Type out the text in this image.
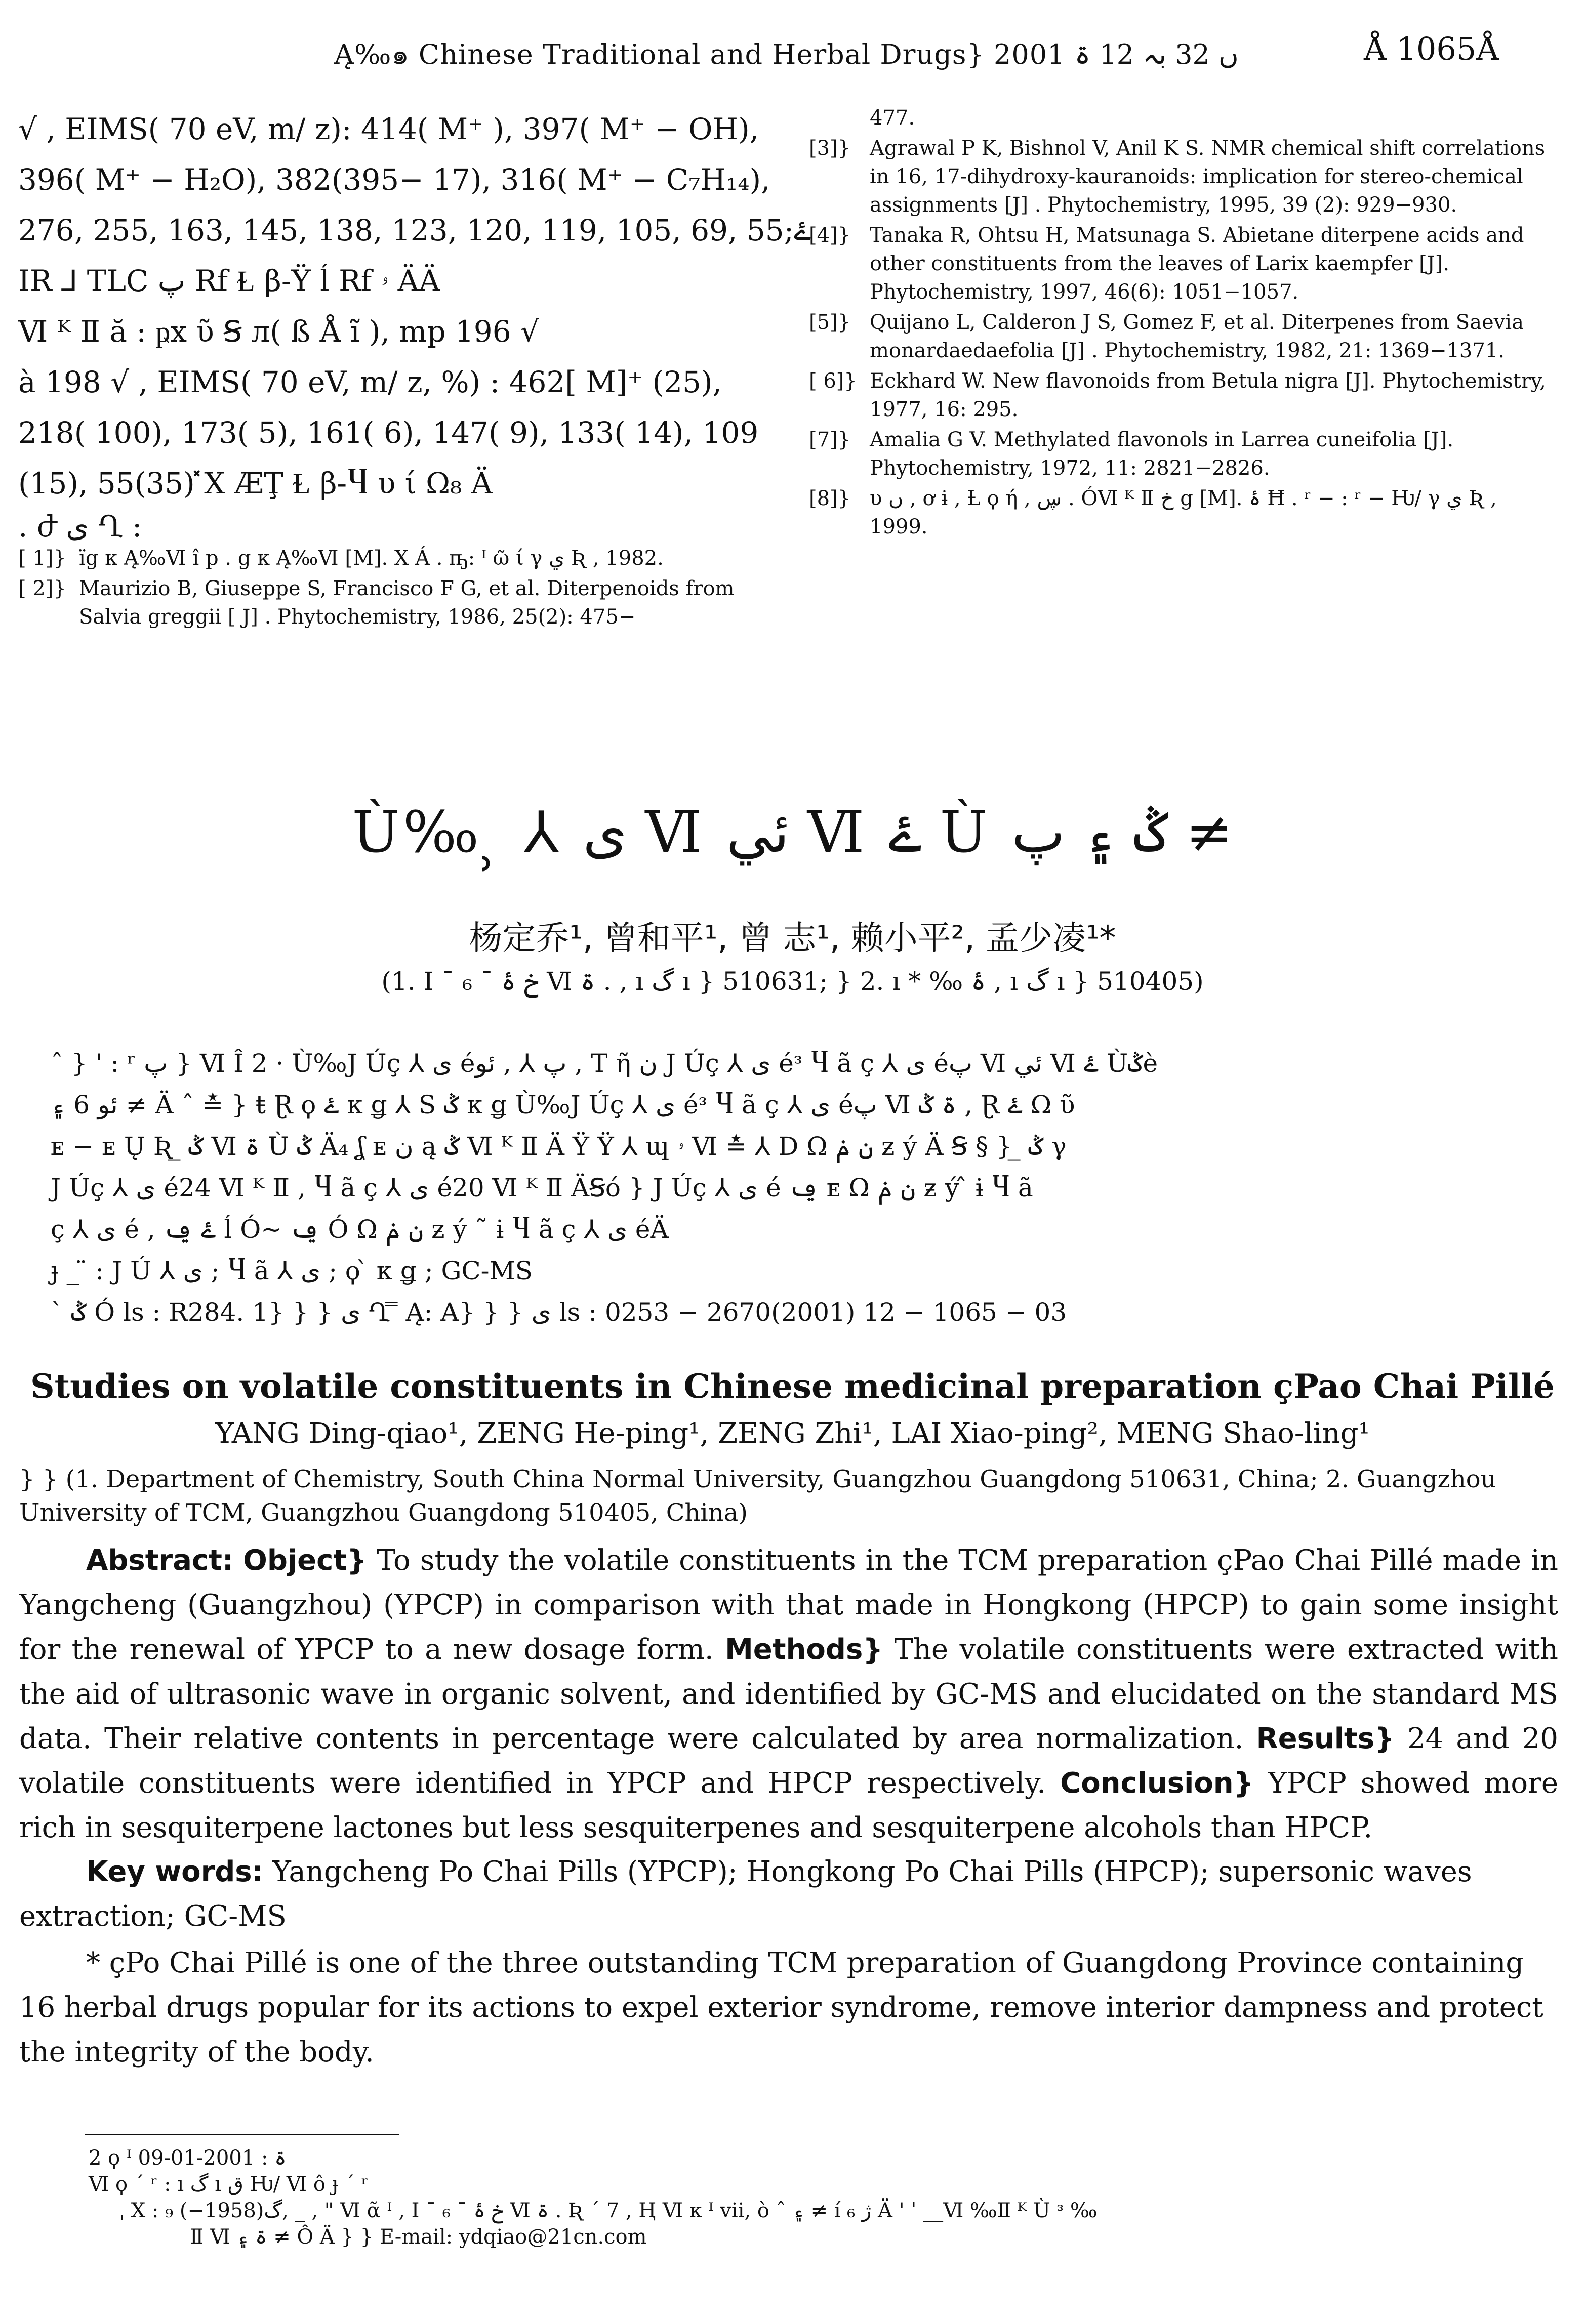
Ą‰๑ Chinese Traditional and Herbal Drugs} 2001 ں 32 بہ 12 ۃ	Å 1065Å

√ , EIMS( 70 eV, m/ z): 414( M⁺ ), 397( M⁺ − OH),

396( M⁺ − H₂O), 382(395− 17), 316( M⁺ − C₇H₁₄),

276, 255, 163, 145, 138, 123, 120, 119, 105, 69, 55;ۓ

IR ⅃ TLC پ Rf Ɫ β-Ÿ ĺ Rf ۥ ÄÄ

Ⅵ ᴷ Ⅱ ă : ҏx ῦ Ꞩ ᴫ( ß Å ĩ ), mp 196 √

à 198 √ , EIMS( 70 eV, m/ z, %) : 462[ M]⁺ (25),

218( 100), 173( 5), 161( 6), 147( 9), 133( 14), 109

(15), 55(35) ̽X ÆŢ Ɫ β-Ⴗ υ ί Ω₈ Ä

. ժ ی Ղ :

[ 1]} ïց к Ą‰Ⅵ î p . ց к Ą‰Ⅵ [M]. X Á . ҧ: ᴵ ῶ ί γ ي Ʀ , 1982.
[ 2]} Maurizio B, Giuseppe S, Francisco F G, et al. Diterpenoids from Salvia greggii [ J] . Phytochemistry, 1986, 25(2): 475−
477.
[3]} Agrawal P K, Bishnol V, Anil K S. NMR chemical shift correlations in 16, 17-dihydroxy-kauranoids: implication for stereo-chemical assignments [J] . Phytochemistry, 1995, 39 (2): 929−930.
[4]} Tanaka R, Ohtsu H, Matsunaga S. Abietane diterpene acids and other constituents from the leaves of Larix kaempfer [J]. Phytochemistry, 1997, 46(6): 1051−1057.
[5]} Quijano L, Calderon J S, Gomez F, et al. Diterpenes from Saevia monardaedaefolia [J] . Phytochemistry, 1982, 21: 1369−1371.
[ 6]} Eckhard W. New flavonoids from Betula nigra [J]. Phytochemistry, 1977, 16: 295.
[7]} Amalia G V. Methylated flavonols in Larrea cuneifolia [J]. Phytochemistry, 1972, 11: 2821−2826.
[8]} υ ں , ơ ɨ , Ƚ ϙ ή , ڛ . ÓⅥ ᴷ Ⅱ خ ց [M]. ۂ Ħ . ʳ − : ʳ − Ƕ/ γ ي Ʀ , 1999.
Ù‰ ̹ ⅄ ی Ⅵ ئي Ⅵ ۓ Ù ݣ ۽ پ ≠
杨定乔¹, 曾和平¹, 曾 志¹, 赖小平², 孟少凌¹*
(1. Ⅰ ¯ ₆ ¯ خ ۂ Ⅵ ۃ . , ı گ ı } 510631; } 2. ı * ‰ ۂ , ı گ ı } 510405)

ˆ } ' : ʳ پ } Ⅵ Î 2 · Ù‰J Úç ⅄ ی éپ ⅄ , ئو , T ῆ ن J Úç ⅄ ی éᵌ Ⴗ ã ç ⅄ ی éپ Ⅵ ئي Ⅵ ۓ Ùݣè

ئو 6 ۽ ≠ Ä ˆ ≛ } ŧ Ɽ ϙ ۓ κ ǥ ⅄ S ݣ κ ǥ Ù‰J Úç ⅄ ی éᵌ Ⴗ ã ç ⅄ ی éپ Ⅵ ۃ ݣ , Ɽ ۓ Ω ῦ

ᴇ − ᴇ Ų Ʀ ̲ ݣ Ⅵ ۃ Ù ݣ Ä₄ ʆ ᴇ ن ą ݣ Ⅵ ᴷ Ⅱ Ä Ÿ Ÿ ⅄ ɰ ۥ Ⅵ ≛ ⅄ D Ω ن ݥ ƶ ý Ä Ꞩ § } ̲ ݣ γ

J Úç ⅄ ی é24 Ⅵ ᴷ Ⅱ , Ⴗ ã ç ⅄ ی é20 Ⅵ ᴷ Ⅱ ÄꞨó } J Úç ⅄ ی é ݠ ᴇ Ω ن ݥ ƶ ý ̂ ɨ Ⴗ ã

ç ⅄ ی é , ۓ ݠ ĺ Ó~ ݠ Ó Ω ن ݥ ƶ ý ˜ ɨ Ⴗ ã ç ⅄ ی éÄ

ɟ _ ̈ : J Ú ⅄ ی ; Ⴗ ã ⅄ ی ; ϙ ̀ κ ǥ ; GC-MS

ˋ ݣ Ó ls : R284. 1} } } ی Ղ ̿ Ą: A} } } ی ls : 0253 − 2670(2001) 12 − 1065 − 03

Studies on volatile constituents in Chinese medicinal preparation çPao Chai Pillé
YANG Ding-qiao¹, ZENG He-ping¹, ZENG Zhi¹, LAI Xiao-ping², MENG Shao-ling¹
} } (1. Department of Chemistry, South China Normal University, Guangzhou Guangdong 510631, China; 2. Guangzhou University of TCM, Guangzhou Guangdong 510405, China)

Abstract: Object} To study the volatile constituents in the TCM preparation çPao Chai Pillé made in Yangcheng (Guangzhou) (YPCP) in comparison with that made in Hongkong (HPCP) to gain some insight for the renewal of YPCP to a new dosage form. Methods} The volatile constituents were extracted with the aid of ultrasonic wave in organic solvent, and identified by GC-MS and elucidated on the standard MS data. Their relative contents in percentage were calculated by area normalization. Results} 24 and 20 volatile constituents were identified in YPCP and HPCP respectively. Conclusion} YPCP showed more rich in sesquiterpene lactones but less sesquiterpenes and sesquiterpene alcohols than HPCP.

Key words: Yangcheng Po Chai Pills (YPCP); Hongkong Po Chai Pills (HPCP); supersonic waves extraction; GC-MS

* çPo Chai Pillé is one of the three outstanding TCM preparation of Guangdong Province containing 16 herbal drugs popular for its actions to expel exterior syndrome, remove interior dampness and protect the integrity of the body.

2 ϙ ᴵ ۃ : 2001-01-09

Ⅵ ϙ ´ ʳ : ı گ ı ق Ƕ/ Ⅵ ô ɟ ´ ʳ

ˌ X : ₉ گ(1958−), _ , " Ⅵ ᾶ ᴵ , Ⅰ ¯ ₆ ¯ خ ۂ Ⅵ ۃ . Ʀ ´ 7 , Ⱨ Ⅵ к ᴵ vii, ò ˆ ۽ ≠ í ژ ₆ Ä ' ˈ __Ⅵ ‰Ⅱ ᴷ Ù ᵌ ‰

Ⅱ Ⅵ ۃ ۽ ≠ Ô Ä } } E-mail: ydqiao@21cn.com
